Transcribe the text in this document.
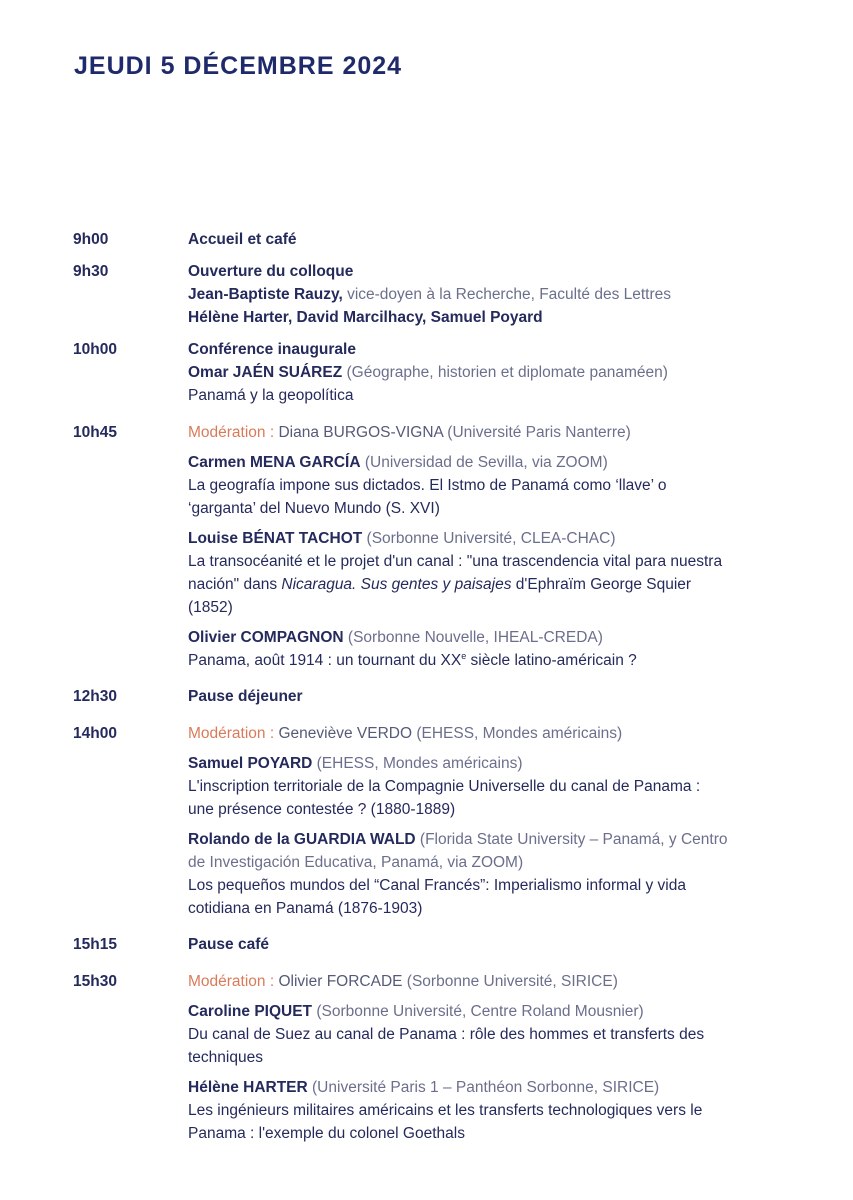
JEUDI 5 DÉCEMBRE 2024
9h00	Accueil et café
9h30	Ouverture du colloque
Jean-Baptiste Rauzy, vice-doyen à la Recherche, Faculté des Lettres
Hélène Harter, David Marcilhacy, Samuel Poyard
10h00	Conférence inaugurale
Omar JAÉN SUÁREZ (Géographe, historien et diplomate panaméen)
Panamá y la geopolítica
10h45	Modération : Diana BURGOS-VIGNA (Université Paris Nanterre)
Carmen MENA GARCÍA (Universidad de Sevilla, via ZOOM)
La geografía impone sus dictados. El Istmo de Panamá como ‘llave’ o
‘garganta’ del Nuevo Mundo (S. XVI)
Louise BÉNAT TACHOT (Sorbonne Université, CLEA-CHAC)
La transocéanité et le projet d'un canal : "una trascendencia vital para nuestra
nación" dans Nicaragua. Sus gentes y paisajes d'Ephraïm George Squier
(1852)
Olivier COMPAGNON (Sorbonne Nouvelle, IHEAL-CREDA)
Panama, août 1914 : un tournant du XXe siècle latino-américain ?
12h30	Pause déjeuner
14h00	Modération : Geneviève VERDO (EHESS, Mondes américains)
Samuel POYARD (EHESS, Mondes américains)
L'inscription territoriale de la Compagnie Universelle du canal de Panama :
une présence contestée ? (1880-1889)
Rolando de la GUARDIA WALD (Florida State University – Panamá, y Centro
de Investigación Educativa, Panamá, via ZOOM)
Los pequeños mundos del “Canal Francés”: Imperialismo informal y vida
cotidiana en Panamá (1876-1903)
15h15	Pause café
15h30	Modération : Olivier FORCADE (Sorbonne Université, SIRICE)
Caroline PIQUET (Sorbonne Université, Centre Roland Mousnier)
Du canal de Suez au canal de Panama : rôle des hommes et transferts des
techniques
Hélène HARTER (Université Paris 1 – Panthéon Sorbonne, SIRICE)
Les ingénieurs militaires américains et les transferts technologiques vers le
Panama : l'exemple du colonel Goethals
